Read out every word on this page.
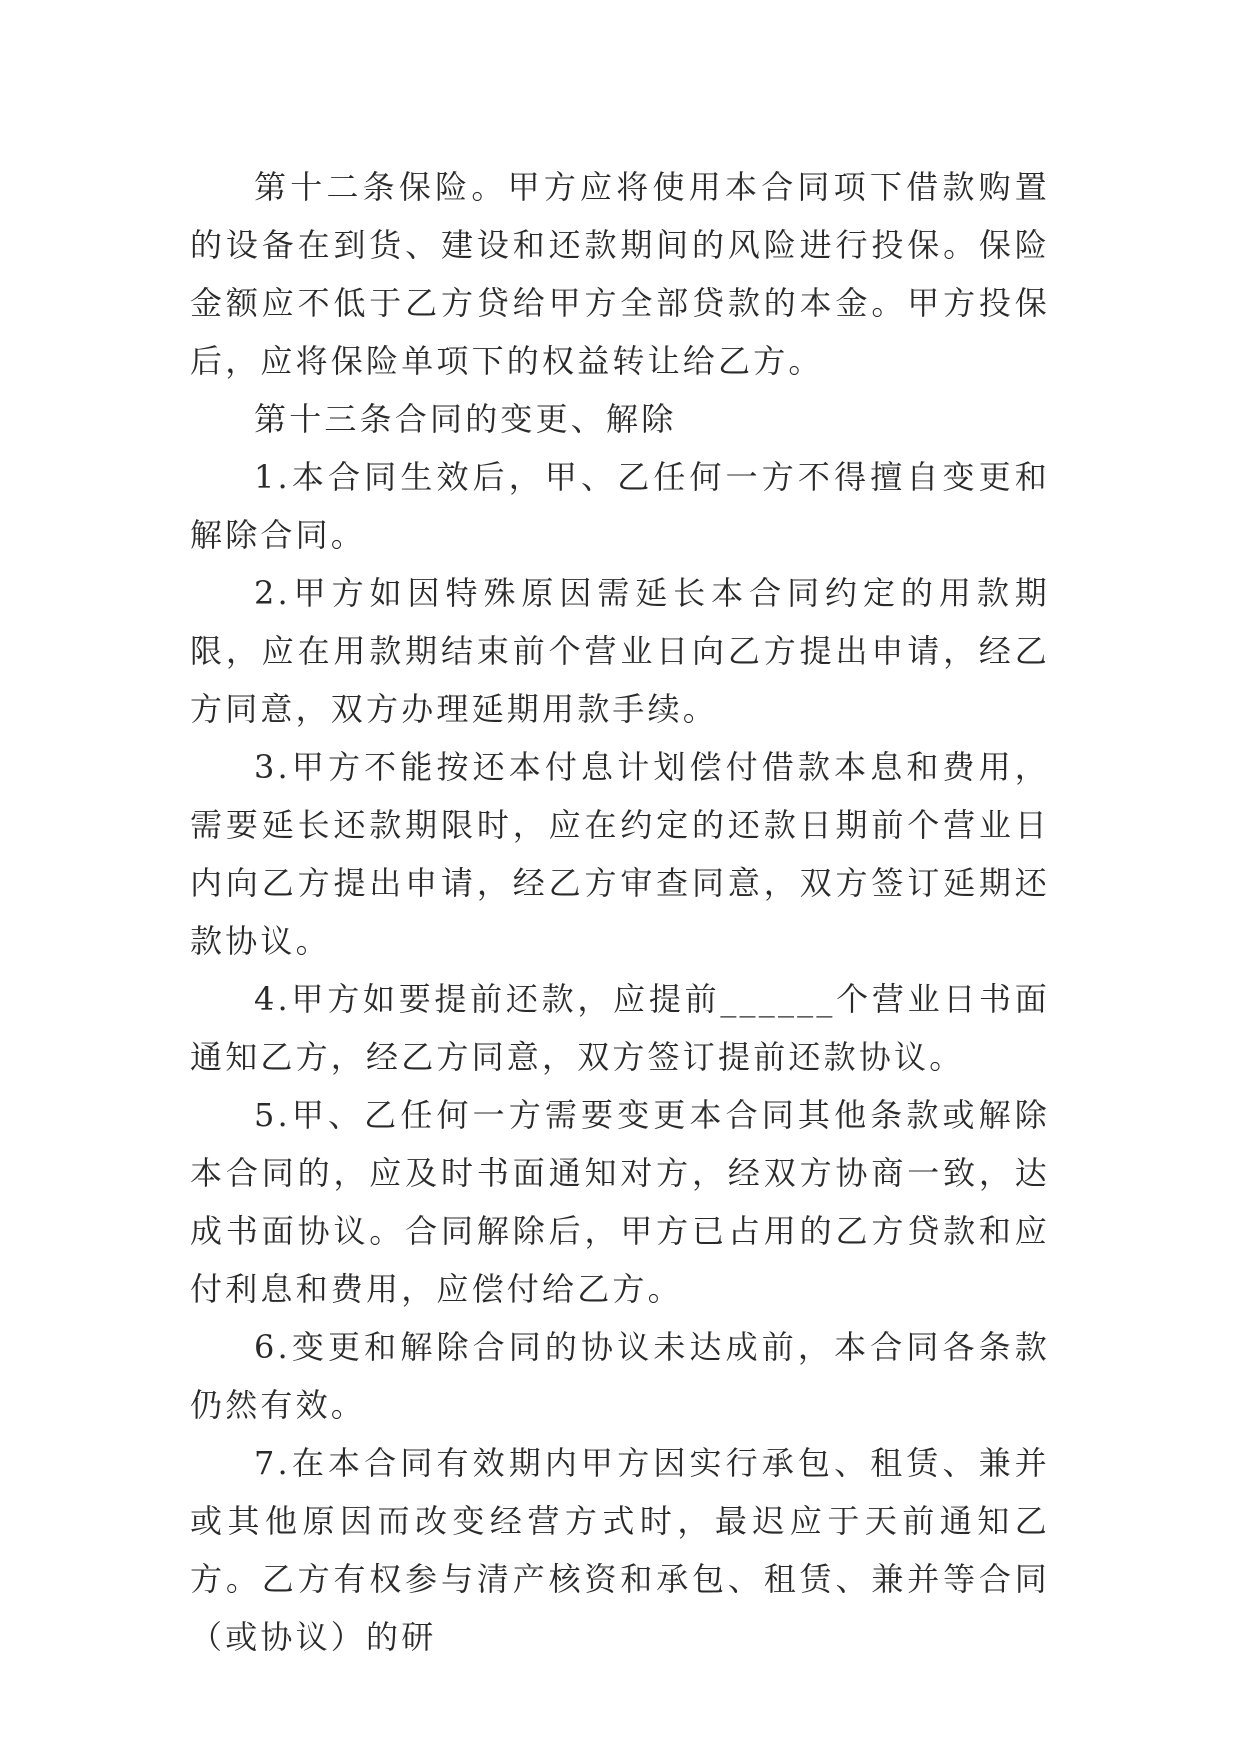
第十二条保险。甲方应将使用本合同项下借款购置的设备在到货、建设和还款期间的风险进行投保。保险金额应不低于乙方贷给甲方全部贷款的本金。甲方投保后，应将保险单项下的权益转让给乙方。

第十三条合同的变更、解除

1.本合同生效后，甲、乙任何一方不得擅自变更和解除合同。

2.甲方如因特殊原因需延长本合同约定的用款期限，应在用款期结束前个营业日向乙方提出申请，经乙方同意，双方办理延期用款手续。

3.甲方不能按还本付息计划偿付借款本息和费用，需要延长还款期限时，应在约定的还款日期前个营业日内向乙方提出申请，经乙方审查同意，双方签订延期还款协议。

4.甲方如要提前还款，应提前______个营业日书面通知乙方，经乙方同意，双方签订提前还款协议。

5.甲、乙任何一方需要变更本合同其他条款或解除本合同的，应及时书面通知对方，经双方协商一致，达成书面协议。合同解除后，甲方已占用的乙方贷款和应付利息和费用，应偿付给乙方。

6.变更和解除合同的协议未达成前，本合同各条款仍然有效。

7.在本合同有效期内甲方因实行承包、租赁、兼并或其他原因而改变经营方式时，最迟应于天前通知乙方。乙方有权参与清产核资和承包、租赁、兼并等合同（或协议）的研
